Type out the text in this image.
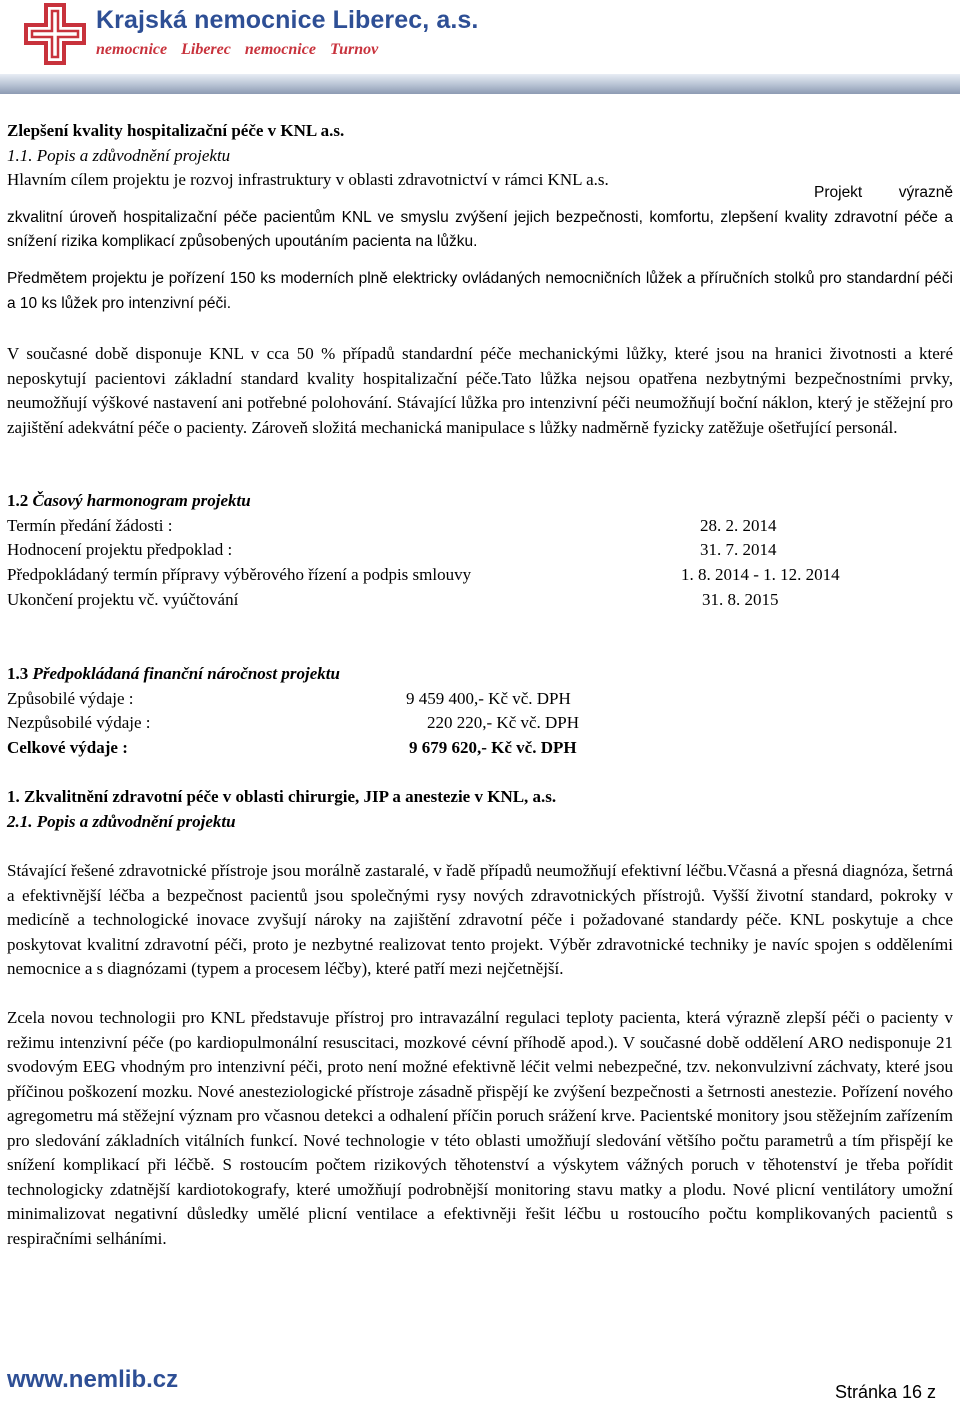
Krajská nemocnice Liberec, a.s.
nemocnice Liberec nemocnice Turnov
Zlepšení kvality hospitalizační péče v KNL a.s.
1.1. Popis a zdůvodnění projektu
Hlavním cílem projektu je rozvoj infrastruktury v oblasti zdravotnictví v rámci KNL a.s.
Projekt výrazně zkvalitní úroveň hospitalizační péče pacientům KNL ve smyslu zvýšení jejich bezpečnosti, komfortu, zlepšení kvality zdravotní péče a snížení rizika komplikací způsobených upoutáním pacienta na lůžku.
Předmětem projektu je pořízení 150 ks moderních plně elektricky ovládaných nemocničních lůžek a příručních stolků pro standardní péči a 10 ks lůžek pro intenzivní péči.
V současné době disponuje KNL v cca 50 % případů standardní péče mechanickými lůžky, které jsou na hranici životnosti a které neposkytují pacientovi základní standard kvality hospitalizační péče.Tato lůžka nejsou opatřena nezbytnými bezpečnostními prvky, neumožňují výškové nastavení ani potřebné polohování. Stávající lůžka pro intenzivní péči neumožňují boční náklon, který je stěžejní pro zajištění adekvátní péče o pacienty. Zároveň složitá mechanická manipulace s lůžky nadměrně fyzicky zatěžuje ošetřující personál.
1.2 Časový harmonogram projektu
Termín předání žádosti :	28. 2. 2014
Hodnocení projektu předpoklad :	31. 7. 2014
Předpokládaný termín přípravy výběrového řízení a podpis smlouvy	1. 8. 2014 - 1. 12. 2014
Ukončení projektu vč. vyúčtování	31. 8. 2015
1.3 Předpokládaná finanční náročnost projektu
Způsobilé výdaje :	9 459 400,- Kč vč. DPH
Nezpůsobilé výdaje :	220 220,- Kč vč. DPH
Celkové výdaje :	9 679 620,- Kč vč. DPH
1. Zkvalitnění zdravotní péče v oblasti chirurgie, JIP a anestezie v KNL, a.s.
2.1. Popis a zdůvodnění projektu
Stávající řešené zdravotnické přístroje jsou morálně zastaralé, v řadě případů neumožňují efektivní léčbu.Včasná a přesná diagnóza, šetrná a efektivnější léčba a bezpečnost pacientů jsou společnými rysy nových zdravotnických přístrojů. Vyšší životní standard, pokroky v medicíně a technologické inovace zvyšují nároky na zajištění zdravotní péče i požadované standardy péče. KNL poskytuje a chce poskytovat kvalitní zdravotní péči, proto je nezbytné realizovat tento projekt. Výběr zdravotnické techniky je navíc spojen s odděleními nemocnice a s diagnózami (typem a procesem léčby), které patří mezi nejčetnější.
Zcela novou technologii pro KNL představuje přístroj pro intravazální regulaci teploty pacienta, která výrazně zlepší péči o pacienty v režimu intenzivní péče (po kardiopulmonální resuscitaci, mozkové cévní příhodě apod.). V současné době oddělení ARO nedisponuje 21 svodovým EEG vhodným pro intenzivní péči, proto není možné efektivně léčit velmi nebezpečné, tzv. nekonvulzivní záchvaty, které jsou příčinou poškození mozku. Nové anesteziologické přístroje zásadně přispějí ke zvýšení bezpečnosti a šetrnosti anestezie. Pořízení nového agregometru má stěžejní význam pro včasnou detekci a odhalení příčin poruch srážení krve. Pacientské monitory jsou stěžejním zařízením pro sledování základních vitálních funkcí. Nové technologie v této oblasti umožňují sledování většího počtu parametrů a tím přispějí ke snížení komplikací při léčbě. S rostoucím počtem rizikových těhotenství a výskytem vážných poruch v těhotenství je třeba pořídit technologicky zdatnější kardiotokografy, které umožňují podrobnější monitoring stavu matky a plodu. Nové plicní ventilátory umožní minimalizovat negativní důsledky umělé plicní ventilace a efektivněji řešit léčbu u rostoucího počtu komplikovaných pacientů s respiračními selháními.
www.nemlib.cz	Stránka 16 z
